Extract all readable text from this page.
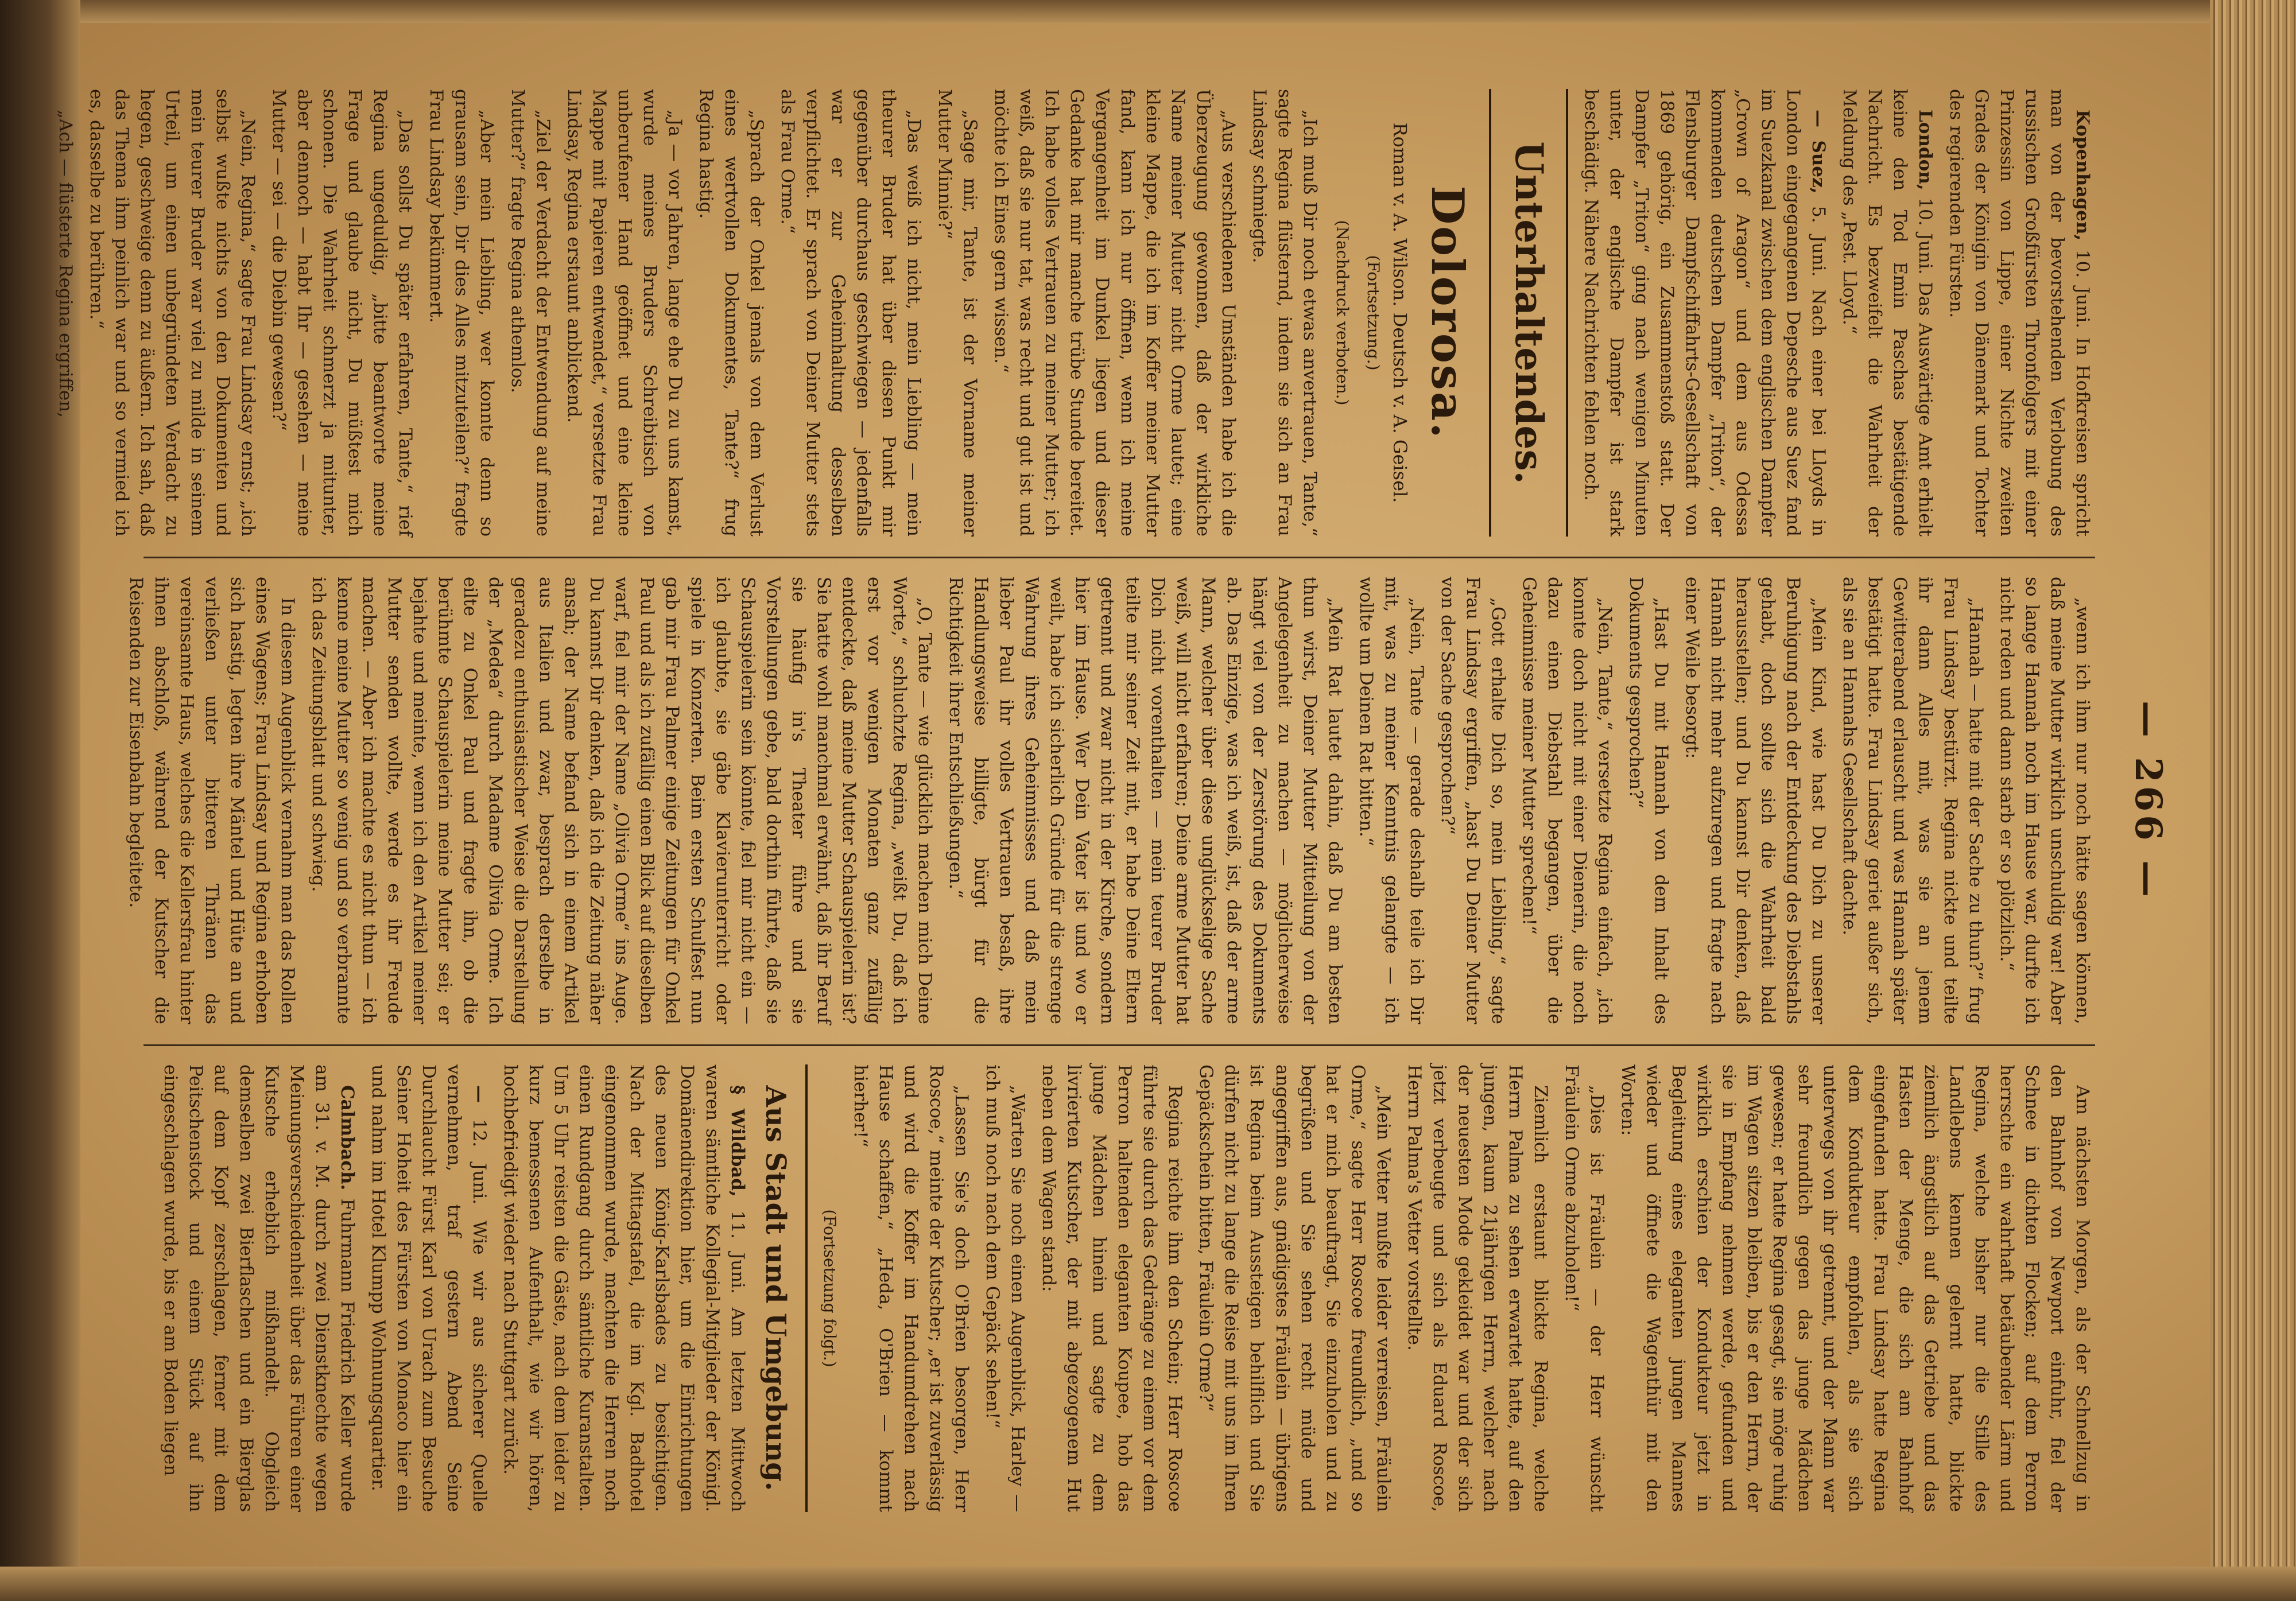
— 266 —

Kopenhagen, 10. Juni. In Hofkreisen spricht man von der bevorstehenden Verlobung des russischen Großfürsten Thronfolgers mit einer Prinzessin von Lippe, einer Nichte zweiten Grades der Königin von Dänemark und Tochter des regierenden Fürsten.

London, 10. Juni. Das Auswärtige Amt erhielt keine den Tod Emin Paschas bestätigende Nachricht. Es bezweifelt die Wahrheit der Meldung des „Pest. Lloyd.“

— Suez, 5. Juni. Nach einer bei Lloyds in London eingegangenen Depesche aus Suez fand im Suezkanal zwischen dem englischen Dampfer „Crown of Aragon“ und dem aus Odessa kommenden deutschen Dampfer „Triton“, der Flensburger Dampfschiffahrts-Gesellschaft von 1869 gehörig, ein Zusammenstoß statt. Der Dampfer „Triton“ ging nach wenigen Minuten unter, der englische Dampfer ist stark beschädigt. Nähere Nachrichten fehlen noch.

Unterhaltendes.
Dolorosa.
Roman v. A. Wilson. Deutsch v. A. Geisel.
(Fortsetzung.)
(Nachdruck verboten.)

„Ich muß Dir noch etwas anvertrauen, Tante,“ sagte Regina flüsternd, indem sie sich an Frau Lindsay schmiegte.

„Aus verschiedenen Umständen habe ich die Überzeugung gewonnen, daß der wirkliche Name meiner Mutter nicht Orme lautet; eine kleine Mappe, die ich im Koffer meiner Mutter fand, kann ich nur öffnen, wenn ich meine Vergangenheit im Dunkel liegen und dieser Gedanke hat mir manche trübe Stunde bereitet. Ich habe volles Vertrauen zu meiner Mutter; ich weiß, daß sie nur tat, was recht und gut ist und möchte ich Eines gern wissen.“

„Sage mir, Tante, ist der Vorname meiner Mutter Minnie?“

„Das weiß ich nicht, mein Liebling — mein theurer Bruder hat über diesen Punkt mir gegenüber durchaus geschwiegen — jedenfalls war er zur Geheimhaltung desselben verpflichtet. Er sprach von Deiner Mutter stets als Frau Orme.“

„Sprach der Onkel jemals von dem Verlust eines wertvollen Dokumentes, Tante?“ frug Regina hastig.

„Ja — vor Jahren, lange ehe Du zu uns kamst, wurde meines Bruders Schreibtisch von unberufener Hand geöffnet und eine kleine Mappe mit Papieren entwendet,“ versetzte Frau Lindsay, Regina erstaunt anblickend.

„Ziel der Verdacht der Entwendung auf meine Mutter?“ fragte Regina athemlos.

„Aber mein Liebling, wer konnte denn so grausam sein, Dir dies Alles mitzuteilen?“ fragte Frau Lindsay bekümmert.

„Das sollst Du später erfahren, Tante,“ rief Regina ungeduldig, „bitte beantworte meine Frage und glaube nicht, Du müßtest mich schonen. Die Wahrheit schmerzt ja mitunter, aber dennoch — habt Ihr — gesehen — meine Mutter — sei — die Diebin gewesen?“

„Nein, Regina,“ sagte Frau Lindsay ernst; „ich selbst wußte nichts von den Dokumenten und mein teurer Bruder war viel zu milde in seinem Urteil, um einen unbegründeten Verdacht zu hegen, geschweige denn zu äußern. Ich sah, daß das Thema ihm peinlich war und so vermied ich es, dasselbe zu berühren.“

„Ach — flüsterte Regina ergriffen,

„wenn ich ihm nur noch hätte sagen können, daß meine Mutter wirklich unschuldig war! Aber so lange Hannah noch im Hause war, durfte ich nicht reden und dann starb er so plötzlich.“

„Hannah — hatte mit der Sache zu thun?“ frug Frau Lindsay bestürzt. Regina nickte und teilte ihr dann Alles mit, was sie an jenem Gewitterabend erlauscht und was Hannah später bestätigt hatte. Frau Lindsay geriet außer sich, als sie an Hannahs Gesellschaft dachte.

„Mein Kind, wie hast Du Dich zu unserer Beruhigung nach der Entdeckung des Diebstahls gehabt, doch sollte sich die Wahrheit bald herausstellen; und Du kannst Dir denken, daß Hannah nicht mehr aufzuregen und fragte nach einer Weile besorgt:

„Hast Du mit Hannah von dem Inhalt des Dokuments gesprochen?“

„Nein, Tante,“ versetzte Regina einfach, „ich konnte doch nicht mit einer Dienerin, die noch dazu einen Diebstahl begangen, über die Geheimnisse meiner Mutter sprechen!“

„Gott erhalte Dich so, mein Liebling,“ sagte Frau Lindsay ergriffen, „hast Du Deiner Mutter von der Sache gesprochen?“

„Nein, Tante — gerade deshalb teile ich Dir mit, was zu meiner Kenntnis gelangte — ich wollte um Deinen Rat bitten.“

„Mein Rat lautet dahin, daß Du am besten thun wirst, Deiner Mutter Mitteilung von der Angelegenheit zu machen — möglicherweise hängt viel von der Zerstörung des Dokuments ab. Das Einzige, was ich weiß, ist, daß der arme Mann, welcher über diese unglückselige Sache weiß, will nicht erfahren; Deine arme Mutter hat Dich nicht vorenthalten — mein teurer Bruder teilte mir seiner Zeit mit, er habe Deine Eltern getrennt und zwar nicht in der Kirche, sondern hier im Hause. Wer Dein Vater ist und wo er weilt, habe ich sicherlich Gründe für die strenge Wahrung ihres Geheimnisses und daß mein lieber Paul ihr volles Vertrauen besaß, ihre Handlungsweise billigte, bürgt für die Richtigkeit ihrer Entschließungen.“

„O, Tante — wie glücklich machen mich Deine Worte,“ schluchzte Regina, „weißt Du, daß ich erst vor wenigen Monaten ganz zufällig entdeckte, daß meine Mutter Schauspielerin ist? Sie hatte wohl manchmal erwähnt, daß ihr Beruf sie häufig in's Theater führe und sie Vorstellungen gebe, bald dorthin führte, daß sie Schauspielerin sein könnte, fiel mir nicht ein — ich glaubte, sie gäbe Klavierunterricht oder spiele in Konzerten. Beim ersten Schulfest nun gab mir Frau Palmer einige Zeitungen für Onkel Paul und als ich zufällig einen Blick auf dieselben warf, fiel mir der Name „Olivia Orme“ ins Auge. Du kannst Dir denken, daß ich die Zeitung näher ansah; der Name befand sich in einem Artikel aus Italien und zwar, besprach derselbe in geradezu enthusiastischer Weise die Darstellung der „Medea“ durch Madame Olivia Orme. Ich eilte zu Onkel Paul und fragte ihn, ob die berühmte Schauspielerin meine Mutter sei; er bejahte und meinte, wenn ich den Artikel meiner Mutter senden wollte, werde es ihr Freude machen. — Aber ich machte es nicht thun — ich kenne meine Mutter so wenig und so verbrannte ich das Zeitungsblatt und schwieg.

In diesem Augenblick vernahm man das Rollen eines Wagens; Frau Lindsay und Regina erhoben sich hastig, legten ihre Mäntel und Hüte an und verließen unter bitteren Thränen das vereinsamte Haus, welches die Kellersfrau hinter ihnen abschloß, während der Kutscher die Reisenden zur Eisenbahn begleitete.

Am nächsten Morgen, als der Schnellzug in den Bahnhof von Newport einfuhr, fiel der Schnee in dichten Flocken; auf dem Perron herrschte ein wahrhaft betäubender Lärm und Regina, welche bisher nur die Stille des Landlebens kennen gelernt hatte, blickte ziemlich ängstlich auf das Getriebe und das Hasten der Menge, die sich am Bahnhof eingefunden hatte. Frau Lindsay hatte Regina dem Kondukteur empfohlen, als sie sich unterwegs von ihr getrennt, und der Mann war sehr freundlich gegen das junge Mädchen gewesen; er hatte Regina gesagt, sie möge ruhig im Wagen sitzen bleiben, bis er den Herrn, der sie in Empfang nehmen werde, gefunden und wirklich erschien der Kondukteur jetzt in Begleitung eines eleganten jungen Mannes wieder und öffnete die Wagenthür mit den Worten:

„Dies ist Fräulein — der Herr wünscht Fräulein Orme abzuholen!“

Ziemlich erstaunt blickte Regina, welche Herrn Palma zu sehen erwartet hatte, auf den jungen, kaum 21jährigen Herrn, welcher nach der neuesten Mode gekleidet war und der sich jetzt verbeugte und sich als Eduard Roscoe, Herrn Palma's Vetter vorstellte.

„Mein Vetter mußte leider verreisen, Fräulein Orme,“ sagte Herr Roscoe freundlich, „und so hat er mich beauftragt, Sie einzuholen und zu begrüßen und Sie sehen recht müde und angegriffen aus, gnädigstes Fräulein — übrigens ist Regina beim Aussteigen behilflich und Sie dürfen nicht zu lange die Reise mit uns im Ihren Gepäckschein bitten, Fräulein Orme?“

Regina reichte ihm den Schein; Herr Roscoe führte sie durch das Gedränge zu einem vor dem Perron haltenden eleganten Koupee, hob das junge Mädchen hinein und sagte zu dem livrierten Kutscher, der mit abgezogenem Hut neben dem Wagen stand:

„Warten Sie noch einen Augenblick, Harley — ich muß noch nach dem Gepäck sehen!“

„Lassen Sie's doch O'Brien besorgen, Herr Roscoe,“ meinte der Kutscher; „er ist zuverlässig und wird die Koffer im Handumdrehen nach Hause schaffen,“ „Heda, O'Brien — kommt hierher!“

(Fortsetzung folgt.)
Aus Stadt und Umgebung.

§ Wildbad, 11. Juni. Am letzten Mittwoch waren sämtliche Kollegial-Mitglieder der Königl. Domänendirektion hier, um die Einrichtungen des neuen König-Karlsbades zu besichtigen. Nach der Mittagstafel, die im Kgl. Badhotel eingenommen wurde, machten die Herren noch einen Rundgang durch sämtliche Kuranstalten. Um 5 Uhr reisten die Gäste, nach dem leider zu kurz bemessenen Aufenthalt, wie wir hören, hochbefriedigt wieder nach Stuttgart zurück.

— 12. Juni. Wie wir aus sicherer Quelle vernehmen, traf gestern Abend Seine Durchlaucht Fürst Karl von Urach zum Besuche Seiner Hoheit des Fürsten von Monaco hier ein und nahm im Hotel Klumpp Wohnungsquartier.

Calmbach. Fuhrmann Friedrich Keller wurde am 31. v. M. durch zwei Dienstknechte wegen Meinungsverschiedenheit über das Führen einer Kutsche erheblich mißhandelt. Obgleich demselben zwei Bierflaschen und ein Bierglas auf dem Kopf zerschlagen, ferner mit dem Peitschenstock und einem Stück auf ihn eingeschlagen wurde, bis er am Boden liegen
